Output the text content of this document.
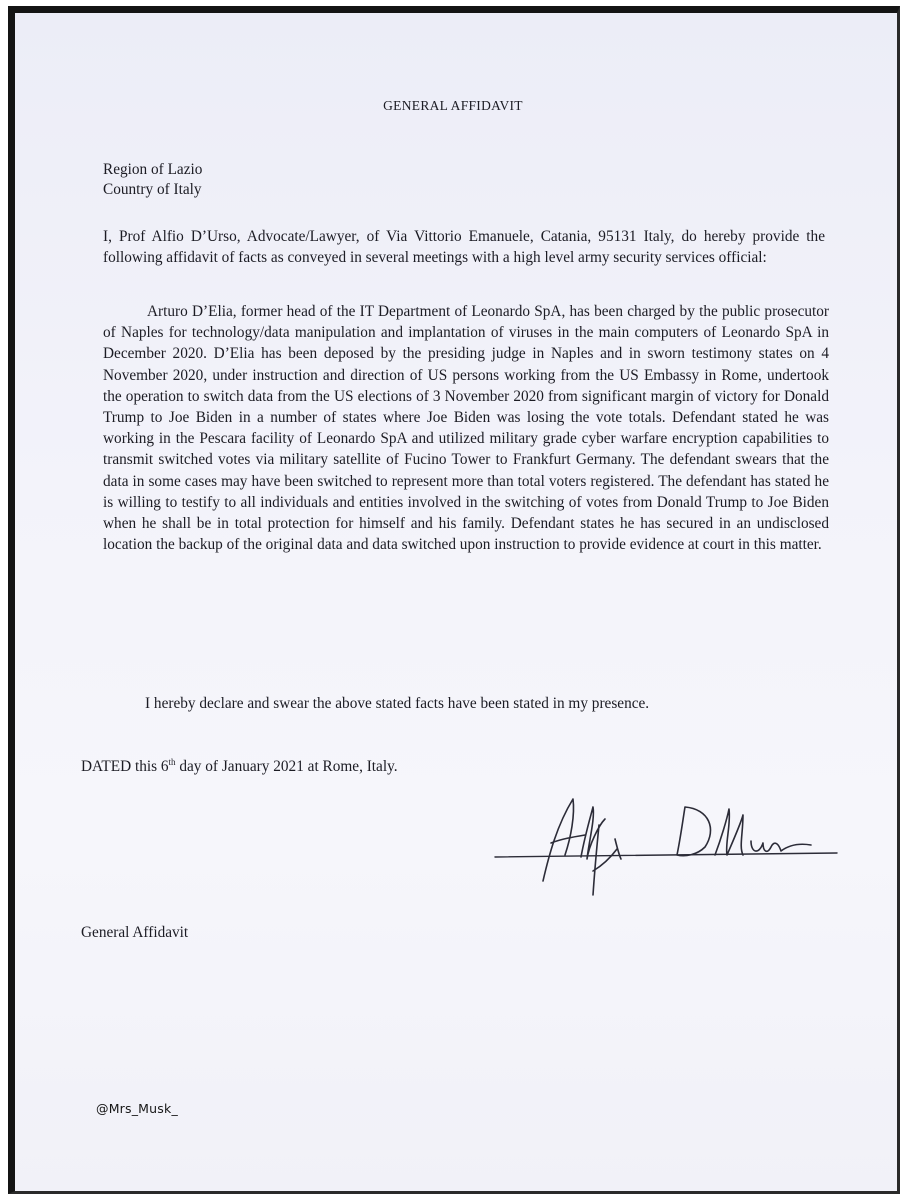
GENERAL AFFIDAVIT
Region of Lazio
Country of Italy
I, Prof Alfio D’Urso, Advocate/Lawyer, of Via Vittorio Emanuele, Catania, 95131 Italy, do hereby provide the following affidavit of facts as conveyed in several meetings with a high level army security services official:
Arturo D’Elia, former head of the IT Department of Leonardo SpA, has been charged by the public prosecutor of Naples for technology/data manipulation and implantation of viruses in the main computers of Leonardo SpA in December 2020. D’Elia has been deposed by the presiding judge in Naples and in sworn testimony states on 4 November 2020, under instruction and direction of US persons working from the US Embassy in Rome, undertook the operation to switch data from the US elections of 3 November 2020 from significant margin of victory for Donald Trump to Joe Biden in a number of states where Joe Biden was losing the vote totals. Defendant stated he was working in the Pescara facility of Leonardo SpA and utilized military grade cyber warfare encryption capabilities to transmit switched votes via military satellite of Fucino Tower to Frankfurt Germany. The defendant swears that the data in some cases may have been switched to represent more than total voters registered. The defendant has stated he is willing to testify to all individuals and entities involved in the switching of votes from Donald Trump to Joe Biden when he shall be in total protection for himself and his family. Defendant states he has secured in an undisclosed location the backup of the original data and data switched upon instruction to provide evidence at court in this matter.
I hereby declare and swear the above stated facts have been stated in my presence.
DATED this 6th day of January 2021 at Rome, Italy.
General Affidavit
@Mrs_Musk_
